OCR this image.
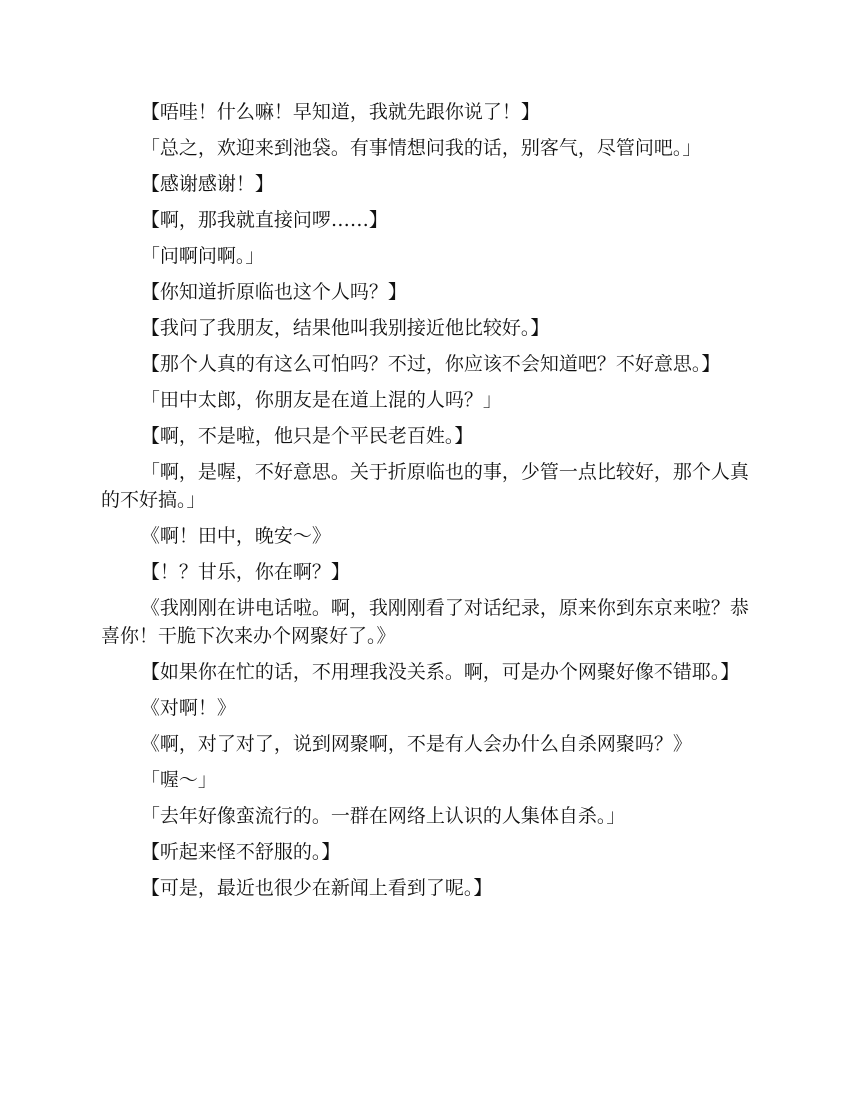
【唔哇！什么嘛！早知道，我就先跟你说了！】

「总之，欢迎来到池袋。有事情想问我的话，别客气，尽管问吧。」

【感谢感谢！】

【啊，那我就直接问啰……】

「问啊问啊。」

【你知道折原临也这个人吗？】

【我问了我朋友，结果他叫我别接近他比较好。】

【那个人真的有这么可怕吗？不过，你应该不会知道吧？不好意思。】

「田中太郎，你朋友是在道上混的人吗？」

【啊，不是啦，他只是个平民老百姓。】

「啊，是喔，不好意思。关于折原临也的事，少管一点比较好，那个人真的不好搞。」

《啊！田中，晚安～》

【！？甘乐，你在啊？】

《我刚刚在讲电话啦。啊，我刚刚看了对话纪录，原来你到东京来啦？恭喜你！干脆下次来办个网聚好了。》

【如果你在忙的话，不用理我没关系。啊，可是办个网聚好像不错耶。】

《对啊！》

《啊，对了对了，说到网聚啊，不是有人会办什么自杀网聚吗？》

「喔～」

「去年好像蛮流行的。一群在网络上认识的人集体自杀。」

【听起来怪不舒服的。】

【可是，最近也很少在新闻上看到了呢。】
